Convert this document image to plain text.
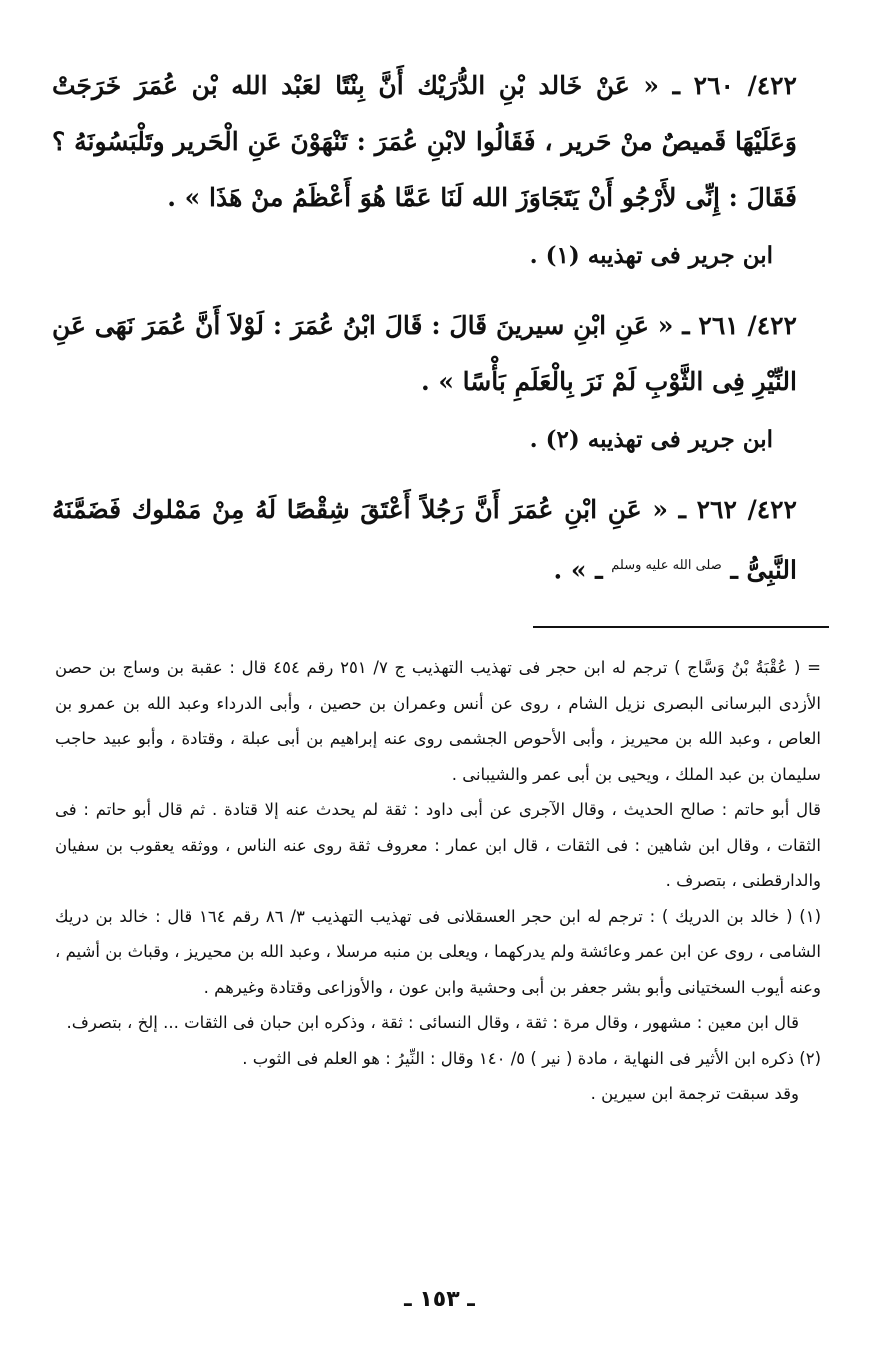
٤٢٢/ ٢٦٠ ـ « عَنْ خَالد بْنِ الدُّرَيْك أَنَّ بِنْتًا لعَبْد الله بْن عُمَرَ خَرَجَتْ وَعَلَيْهَا قَميصٌ منْ حَرير ، فَقَالُوا لابْنِ عُمَرَ : تَنْهَوْنَ عَنِ الْحَرير وتَلْبَسُونَهُ ؟ فَقَالَ : إِنِّى لأَرْجُو أَنْ يَتَجَاوَزَ الله لَنَا عَمَّا هُوَ أَعْظَمُ منْ هَذَا » .

ابن جرير فى تهذيبه (١) .

٤٢٢/ ٢٦١ ـ « عَنِ ابْنِ سيرينَ قَالَ : قَالَ ابْنُ عُمَرَ : لَوْلاَ أَنَّ عُمَرَ نَهَى عَنِ النِّيْرِ فِى الثَّوْبِ لَمْ نَرَ بِالْعَلَمِ بَأْسًا » .

ابن جرير فى تهذيبه (٢) .

٤٢٢/ ٢٦٢ ـ « عَنِ ابْنِ عُمَرَ أَنَّ رَجُلاً أَعْتَقَ شِقْصًا لَهُ مِنْ مَمْلوك فَضَمَّنَهُ النَّبِىُّ ـ $^{صلى الله عليه وسلم}$ ـ » .

= ( عُقْبَةُ بْنُ وَسَّاج ) ترجم له ابن حجر فى تهذيب التهذيب ج ٧/ ٢٥١ رقم ٤٥٤ قال : عقبة بن وساج بن حصن الأزدى البرسانى البصرى نزيل الشام ، روى عن أنس وعمران بن حصين ، وأبى الدرداء وعبد الله بن عمرو بن العاص ، وعبد الله بن محيريز ، وأبى الأحوص الجشمى روى عنه إبراهيم بن أبى عبلة ، وقتادة ، وأبو عبيد حاجب سليمان بن عبد الملك ، ويحيى بن أبى عمر والشيبانى .

قال أبو حاتم : صالح الحديث ، وقال الآجرى عن أبى داود : ثقة لم يحدث عنه إلا قتادة . ثم قال أبو حاتم : فى الثقات ، وقال ابن شاهين : فى الثقات ، قال ابن عمار : معروف ثقة روى عنه الناس ، ووثقه يعقوب بن سفيان والدارقطنى ، بتصرف .

(١) ( خالد بن الدريك ) : ترجم له ابن حجر العسقلانى فى تهذيب التهذيب ٣/ ٨٦ رقم ١٦٤ قال : خالد بن دريك الشامى ، روى عن ابن عمر وعائشة ولم يدركهما ، ويعلى بن منبه مرسلا ، وعبد الله بن محيريز ، وقباث بن أشيم ، وعنه أيوب السختيانى وأبو بشر جعفر بن أبى وحشية وابن عون ، والأوزاعى وقتادة وغيرهم .

قال ابن معين : مشهور ، وقال مرة : ثقة ، وقال النسائى : ثقة ، وذكره ابن حبان فى الثقات ... إلخ ، بتصرف.

(٢) ذكره ابن الأثير فى النهاية ، مادة ( نير ) ٥/ ١٤٠ وقال : النِّيرُ : هو العلم فى الثوب .

وقد سبقت ترجمة ابن سيرين .

ـ ١٥٣ ـ
